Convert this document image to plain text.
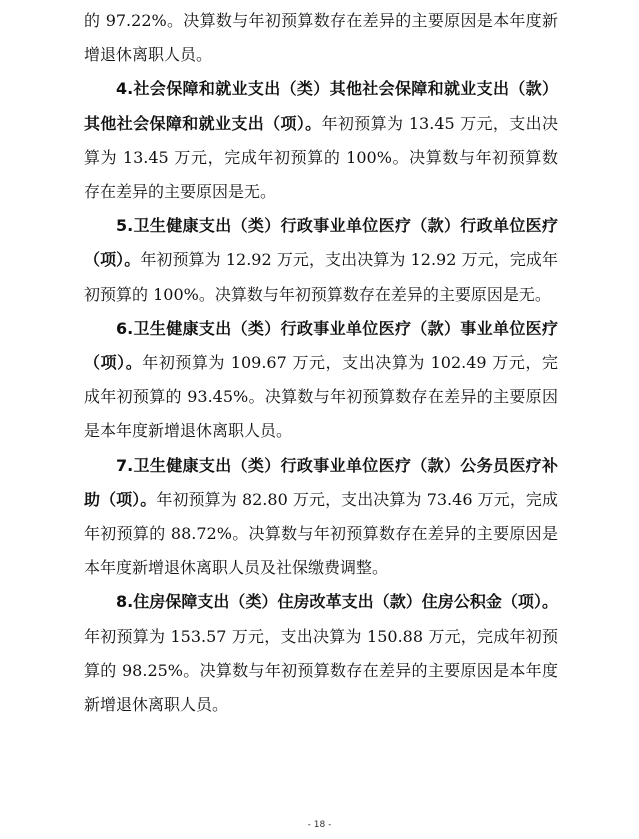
的 97.22%。决算数与年初预算数存在差异的主要原因是本年度新增退休离职人员。

4.社会保障和就业支出（类）其他社会保障和就业支出（款）其他社会保障和就业支出（项）。年初预算为 13.45 万元，支出决算为 13.45 万元，完成年初预算的 100%。决算数与年初预算数存在差异的主要原因是无。

5.卫生健康支出（类）行政事业单位医疗（款）行政单位医疗（项）。年初预算为 12.92 万元，支出决算为 12.92 万元，完成年初预算的 100%。决算数与年初预算数存在差异的主要原因是无。

6.卫生健康支出（类）行政事业单位医疗（款）事业单位医疗（项）。年初预算为 109.67 万元，支出决算为 102.49 万元，完成年初预算的 93.45%。决算数与年初预算数存在差异的主要原因是本年度新增退休离职人员。

7.卫生健康支出（类）行政事业单位医疗（款）公务员医疗补助（项）。年初预算为 82.80 万元，支出决算为 73.46 万元，完成年初预算的 88.72%。决算数与年初预算数存在差异的主要原因是本年度新增退休离职人员及社保缴费调整。

8.住房保障支出（类）住房改革支出（款）住房公积金（项）。年初预算为 153.57 万元，支出决算为 150.88 万元，完成年初预算的 98.25%。决算数与年初预算数存在差异的主要原因是本年度新增退休离职人员。

- 18 -
